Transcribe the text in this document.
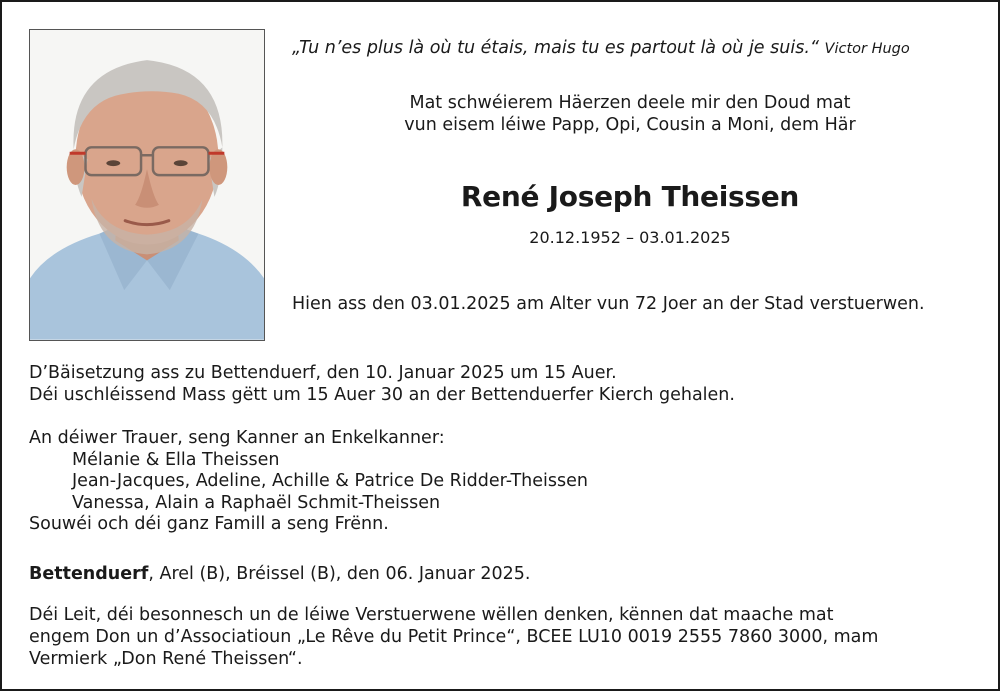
„Tu n’es plus là où tu étais, mais tu es partout là où je suis.“ Victor Hugo
Mat schwéierem Häerzen deele mir den Doud mat
vun eisem léiwe Papp, Opi, Cousin a Moni, dem Här
René Joseph Theissen
20.12.1952 – 03.01.2025
Hien ass den 03.01.2025 am Alter vun 72 Joer an der Stad verstuerwen.
D’Bäisetzung ass zu Bettenduerf, den 10. Januar 2025 um 15 Auer.
Déi uschléissend Mass gëtt um 15 Auer 30 an der Bettenduerfer Kierch gehalen.
An déiwer Trauer, seng Kanner an Enkelkanner:
Mélanie & Ella Theissen
Jean-Jacques, Adeline, Achille & Patrice De Ridder-Theissen
Vanessa, Alain a Raphaël Schmit-Theissen
Souwéi och déi ganz Famill a seng Frënn.
Bettenduerf, Arel (B), Bréissel (B), den 06. Januar 2025.
Déi Leit, déi besonnesch un de léiwe Verstuerwene wëllen denken, kënnen dat maache mat
engem Don un d’Associatioun „Le Rêve du Petit Prince“, BCEE LU10 0019 2555 7860 3000, mam
Vermierk „Don René Theissen“.
